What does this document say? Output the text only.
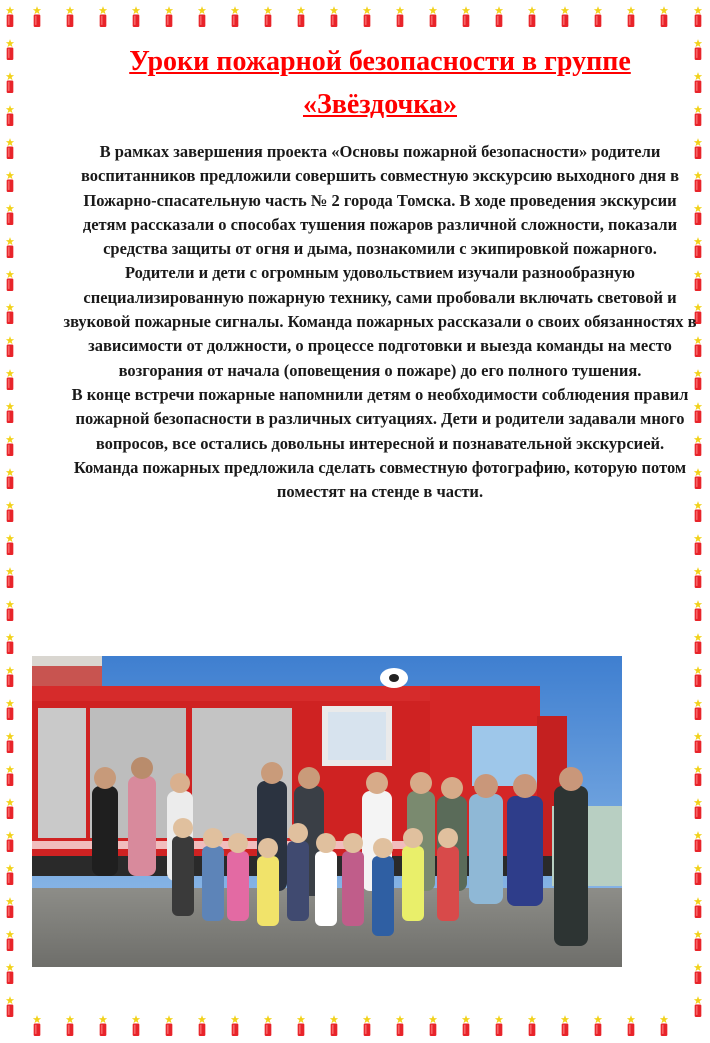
Уроки пожарной безопасности в группе «Звёздочка»

В рамках завершения проекта «Основы пожарной безопасности» родители воспитанников предложили совершить совместную экскурсию выходного дня в Пожарно-спасательную часть № 2 города Томска. В ходе проведения экскурсии детям рассказали о способах тушения пожаров различной сложности, показали средства защиты от огня и дыма, познакомили с экипировкой пожарного.

Родители и дети с огромным удовольствием изучали разнообразную специализированную пожарную технику, сами пробовали включать световой и звуковой пожарные сигналы. Команда пожарных рассказали о своих обязанностях в зависимости от должности, о процессе подготовки и выезда команды на место возгорания от начала (оповещения о пожаре) до его полного тушения.

В конце встречи пожарные напомнили детям о необходимости соблюдения правил пожарной безопасности в различных ситуациях. Дети и родители задавали много вопросов, все остались довольны интересной и познавательной экскурсией. Команда пожарных предложила сделать совместную фотографию, которую потом поместят на стенде в части.
